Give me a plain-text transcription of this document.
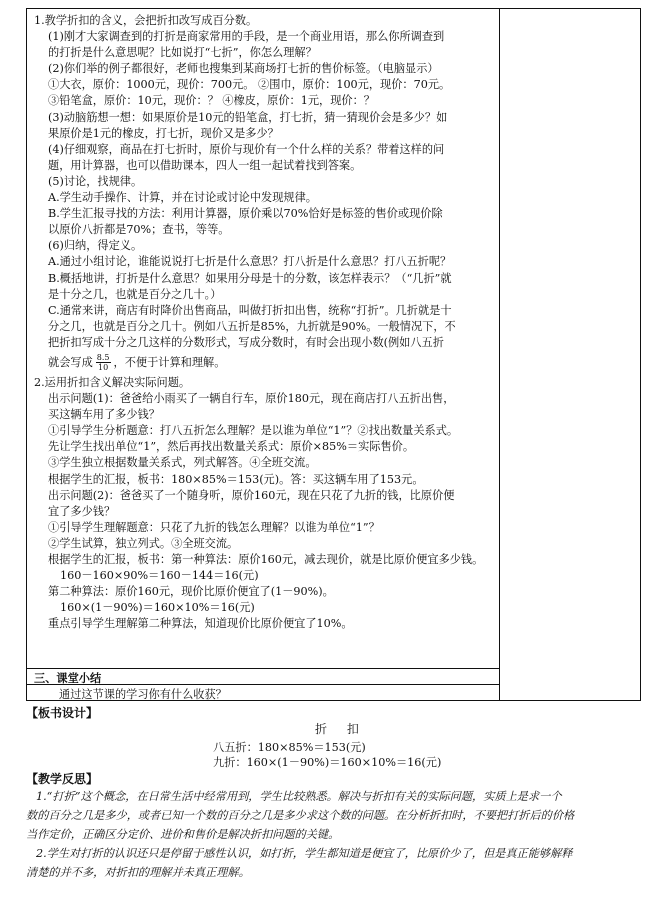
1.教学折扣的含义，会把折扣改写成百分数。

(1)刚才大家调查到的打折是商家常用的手段，是一个商业用语，那么你所调查到

的打折是什么意思呢？比如说打“七折”，你怎么理解？

(2)你们举的例子都很好，老师也搜集到某商场打七折的售价标签。（电脑显示）

①大衣，原价：1000元，现价：700元。 ②围巾，原价：100元，现价：70元。

③铅笔盒，原价：10元，现价：？ ④橡皮，原价：1元，现价：？

(3)动脑筋想一想：如果原价是10元的铅笔盒，打七折，猜一猜现价会是多少？如

果原价是1元的橡皮，打七折，现价又是多少？

(4)仔细观察，商品在打七折时，原价与现价有一个什么样的关系？带着这样的问

题，用计算器，也可以借助课本，四人一组一起试着找到答案。

(5)讨论，找规律。

A.学生动手操作、计算，并在讨论或讨论中发现规律。

B.学生汇报寻找的方法：利用计算器，原价乘以70%恰好是标签的售价或现价除

以原价八折都是70%；查书，等等。

(6)归纳，得定义。

A.通过小组讨论，谁能说说打七折是什么意思？打八折是什么意思？打八五折呢？

B.概括地讲，打折是什么意思？如果用分母是十的分数，该怎样表示？（“几折”就

是十分之几，也就是百分之几十。）

C.通常来讲，商店有时降价出售商品，叫做打折扣出售，统称“打折”。几折就是十

分之几，也就是百分之几十。例如八五折是85%，九折就是90%。一般情况下，不

把折扣写成十分之几这样的分数形式，写成分数时，有时会出现小数(例如八五折

就会写成 $\frac{8.5}{10}$ ，不便于计算和理解。

2.运用折扣含义解决实际问题。

出示问题(1)：爸爸给小雨买了一辆自行车，原价180元，现在商店打八五折出售，

买这辆车用了多少钱？

①引导学生分析题意：打八五折怎么理解？是以谁为单位“1”？②找出数量关系式。

先让学生找出单位“1”，然后再找出数量关系式：原价×85%＝实际售价。

③学生独立根据数量关系式，列式解答。④全班交流。

根据学生的汇报，板书：180×85%＝153(元)。答：买这辆车用了153元。

出示问题(2)：爸爸买了一个随身听，原价160元，现在只花了九折的钱，比原价便

宜了多少钱？

①引导学生理解题意：只花了九折的钱怎么理解？以谁为单位“1”？

②学生试算，独立列式。③全班交流。

根据学生的汇报，板书：第一种算法：原价160元，减去现价，就是比原价便宜多少钱。

160－160×90%＝160－144＝16(元)

第二种算法：原价160元，现价比原价便宜了(1－90%)。

160×(1－90%)＝160×10%＝16(元)

重点引导学生理解第二种算法，知道现价比原价便宜了10%。

三、课堂小结
通过这节课的学习你有什么收获？
【板书设计】
折 扣
八五折：180×85%＝153(元)
九折：160×(1－90%)＝160×10%＝16(元)
【教学反思】

1.“打折”这个概念，在日常生活中经常用到，学生比较熟悉。解决与折扣有关的实际问题，实质上是求一个

数的百分之几是多少，或者已知一个数的百分之几是多少求这个数的问题。在分析折扣时，不要把打折后的价格

当作定价，正确区分定价、进价和售价是解决折扣问题的关键。

2.学生对打折的认识还只是停留于感性认识，如打折，学生都知道是便宜了，比原价少了，但是真正能够解释

清楚的并不多，对折扣的理解并未真正理解。
